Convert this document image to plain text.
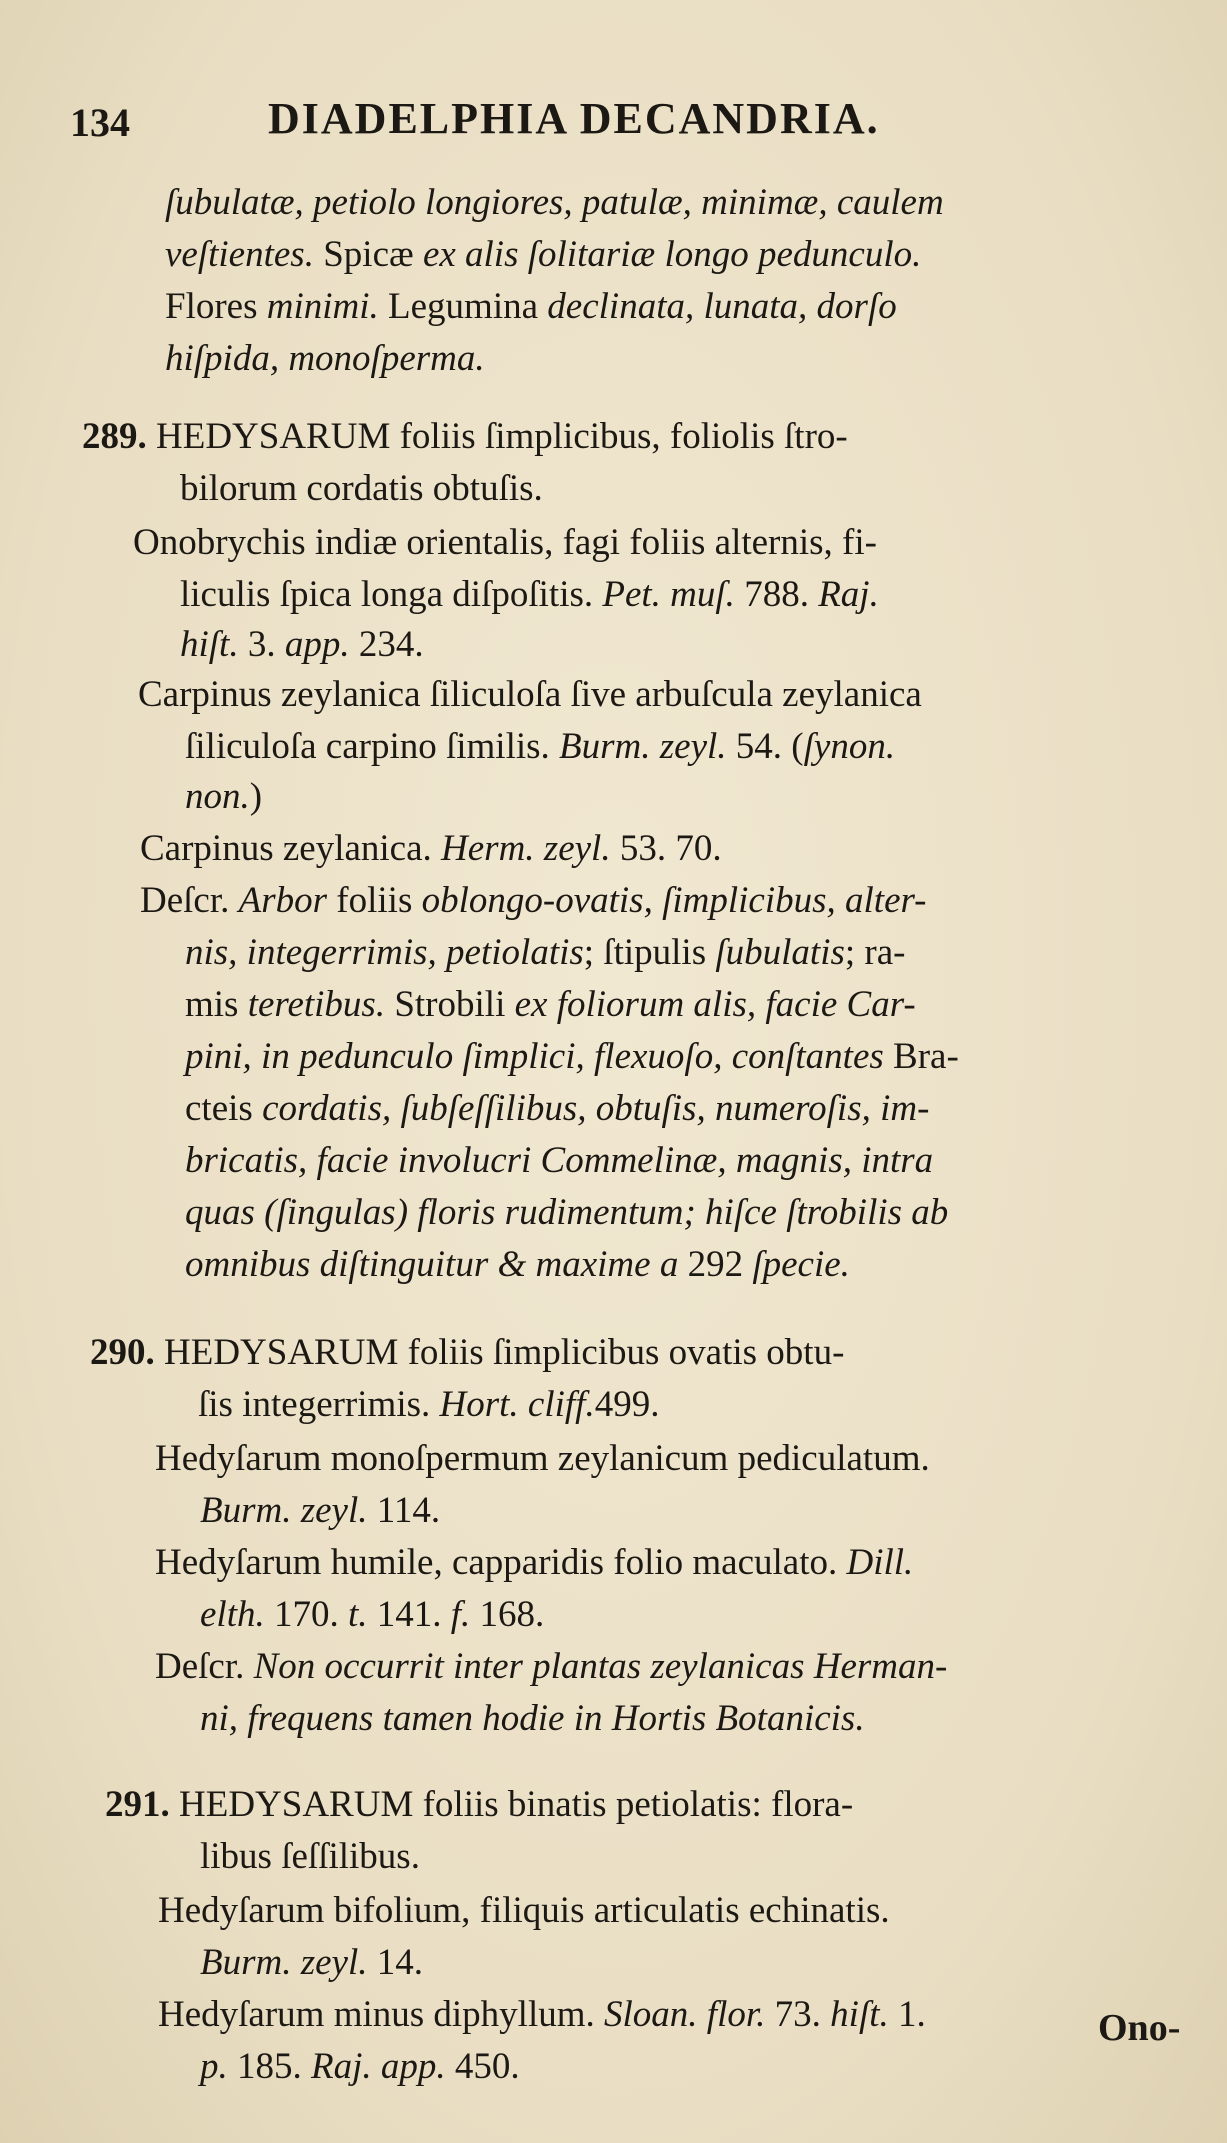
134	DIADELPHIA DECANDRIA.
ſubulatæ, petiolo longiores, patulæ, minimæ, caulem
veſtientes. Spicæ ex alis ſolitariæ longo pedunculo.
Flores minimi. Legumina declinata, lunata, dorſo
hiſpida, monoſperma.
289. HEDYSARUM foliis ſimplicibus, foliolis ſtro-
bilorum cordatis obtuſis.
Onobrychis indiæ orientalis, fagi foliis alternis, fi-
liculis ſpica longa diſpoſitis. Pet. muſ. 788. Raj.
hiſt. 3. app. 234.
Carpinus zeylanica ſiliculoſa ſive arbuſcula zeylanica
ſiliculoſa carpino ſimilis. Burm. zeyl. 54. (ſynon.
non.)
Carpinus zeylanica. Herm. zeyl. 53. 70.
Deſcr. Arbor foliis oblongo-ovatis, ſimplicibus, alter-
nis, integerrimis, petiolatis; ſtipulis ſubulatis; ra-
mis teretibus. Strobili ex foliorum alis, facie Car-
pini, in pedunculo ſimplici, flexuoſo, conſtantes Bra-
cteis cordatis, ſubſeſſilibus, obtuſis, numeroſis, im-
bricatis, facie involucri Commelinæ, magnis, intra
quas (ſingulas) floris rudimentum; hiſce ſtrobilis ab
omnibus diſtinguitur & maxime a 292 ſpecie.
290. HEDYSARUM foliis ſimplicibus ovatis obtu-
ſis integerrimis. Hort. cliff.499.
Hedyſarum monoſpermum zeylanicum pediculatum.
Burm. zeyl. 114.
Hedyſarum humile, capparidis folio maculato. Dill.
elth. 170. t. 141. f. 168.
Deſcr. Non occurrit inter plantas zeylanicas Herman-
ni, frequens tamen hodie in Hortis Botanicis.
291. HEDYSARUM foliis binatis petiolatis: flora-
libus ſeſſilibus.
Hedyſarum bifolium, filiquis articulatis echinatis.
Burm. zeyl. 14.
Hedyſarum minus diphyllum. Sloan. flor. 73. hiſt. 1.
p. 185. Raj. app. 450.
Ono-
